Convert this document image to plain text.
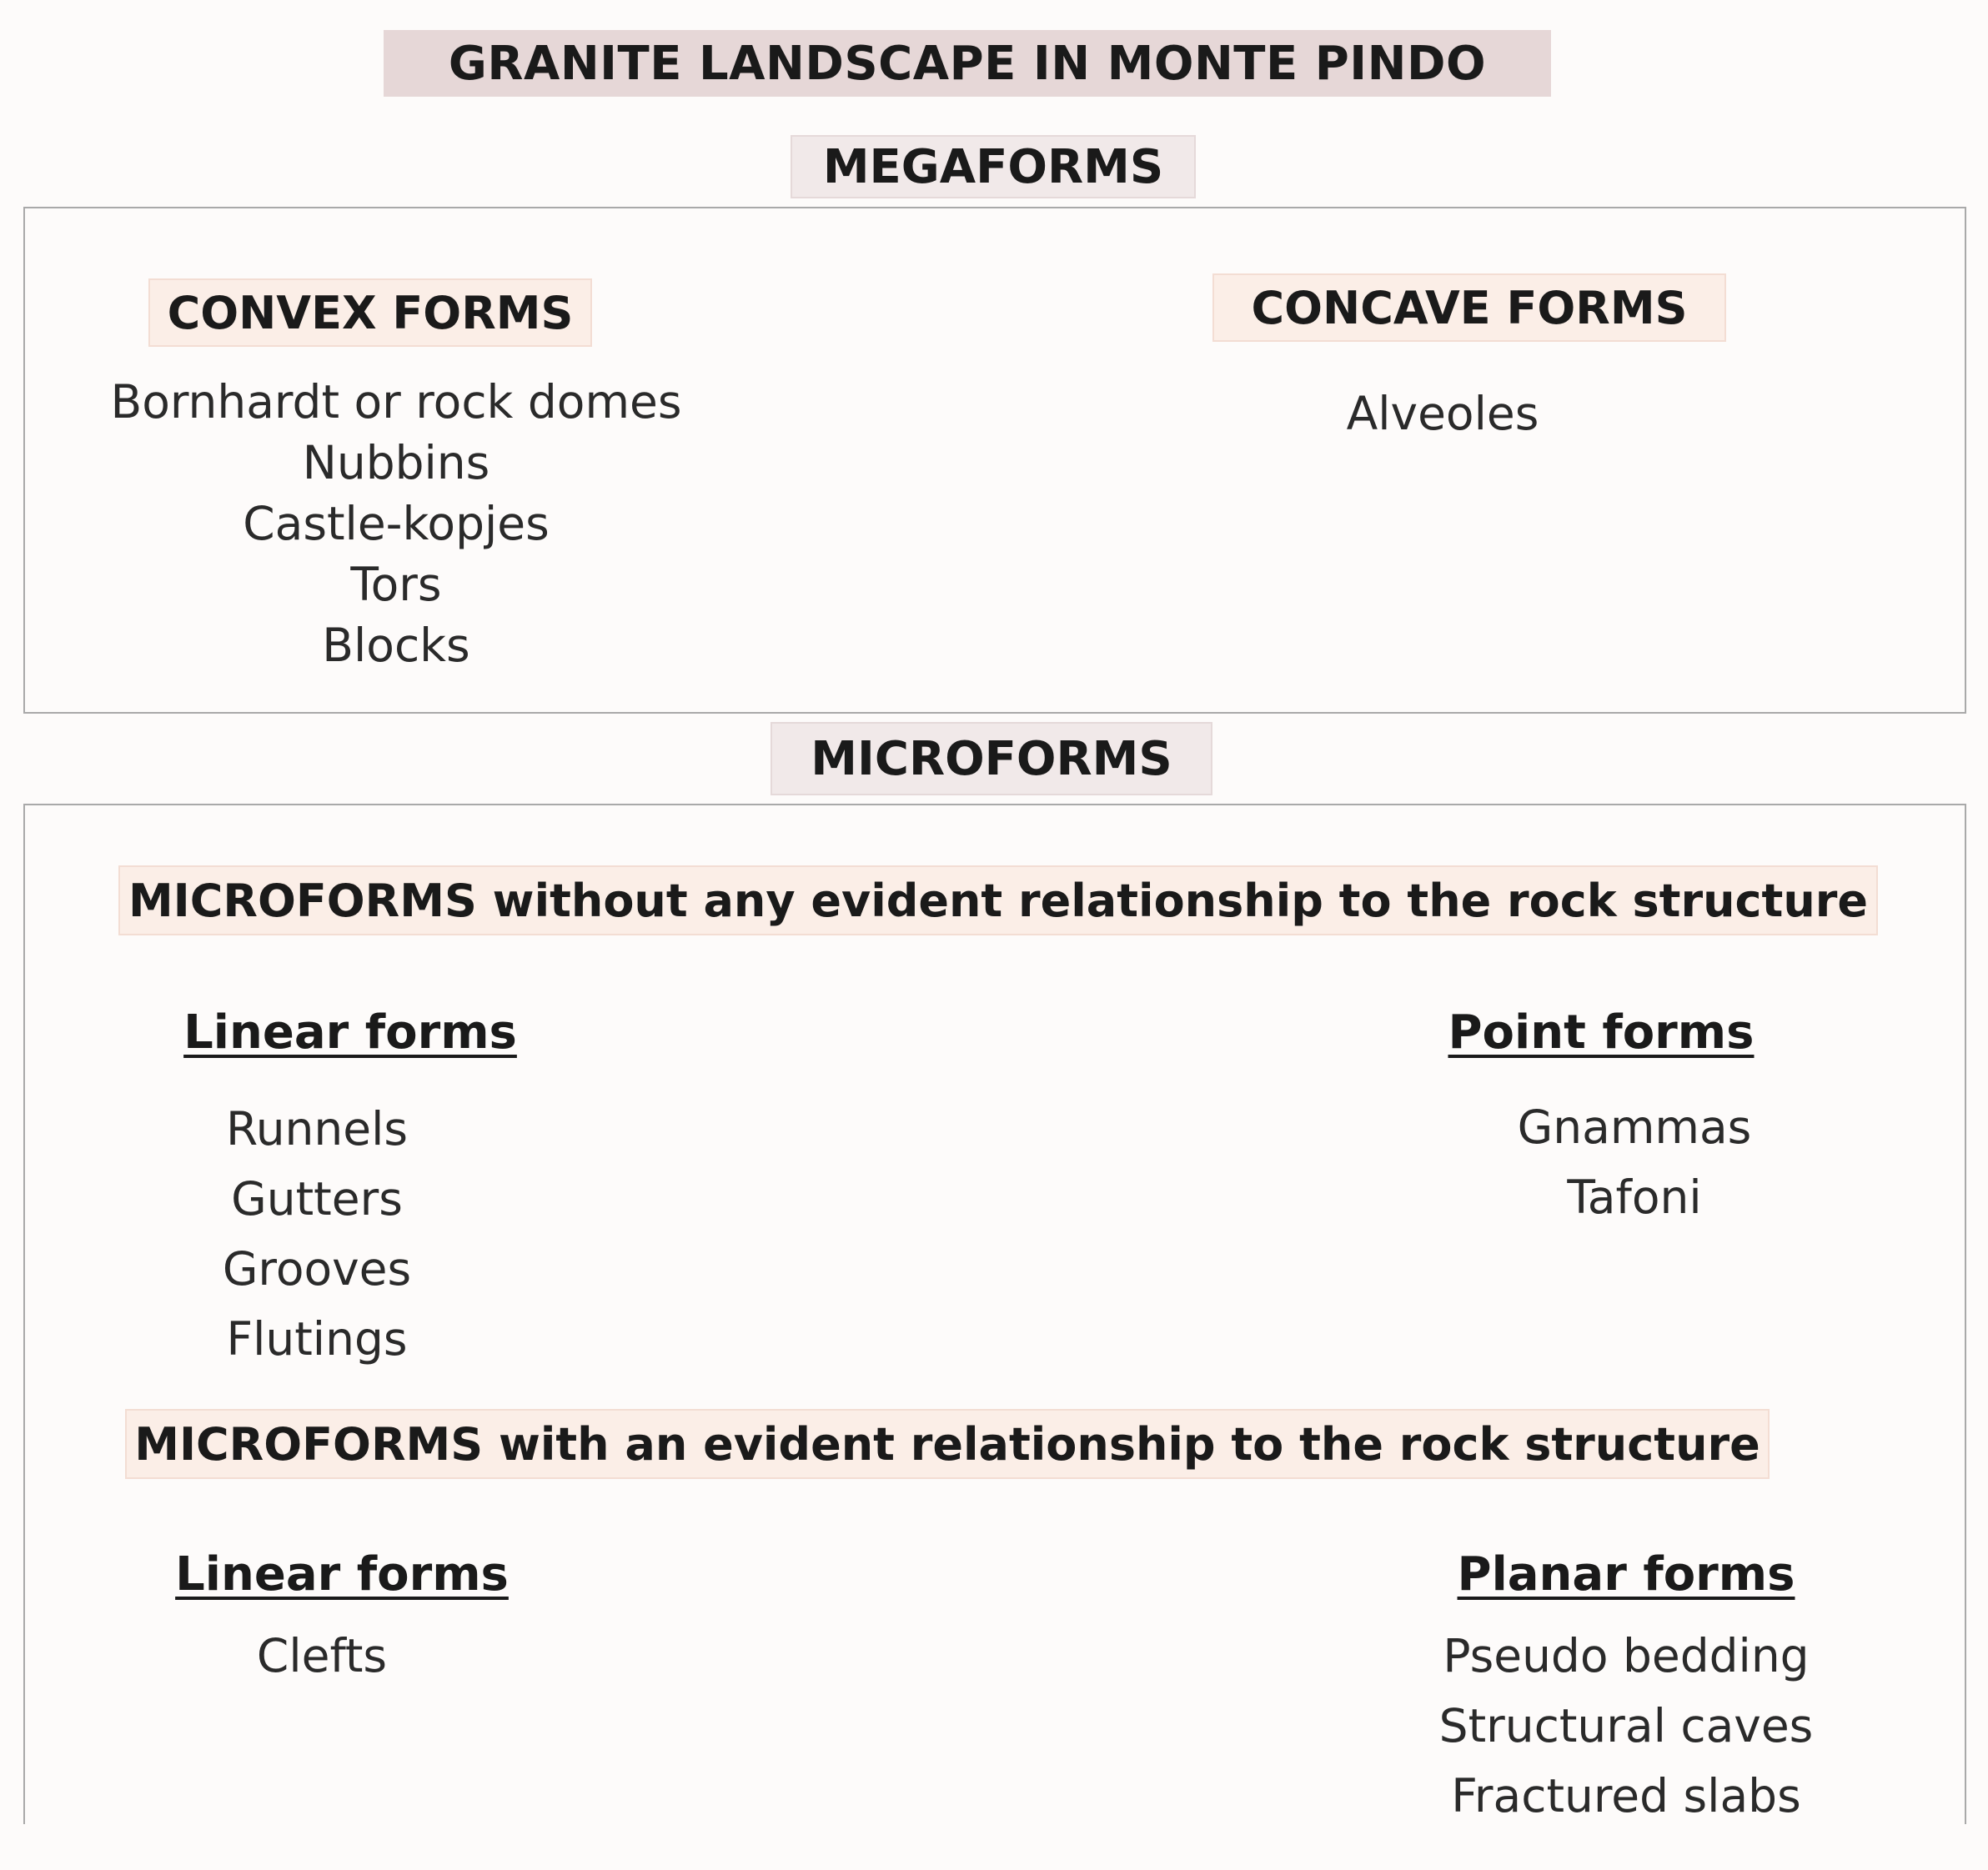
GRANITE LANDSCAPE IN MONTE PINDO
MEGAFORMS
CONVEX FORMS
Bornhardt or rock domes
Nubbins
Castle-kopjes
Tors
Blocks
CONCAVE FORMS
Alveoles
MICROFORMS
MICROFORMS without any evident relationship to the rock structure
Linear forms
Runnels
Gutters
Grooves
Flutings
Point forms
Gnammas
Tafoni
MICROFORMS with an evident relationship to the rock structure
Linear forms
Clefts
Planar forms
Pseudo bedding
Structural caves
Fractured slabs
